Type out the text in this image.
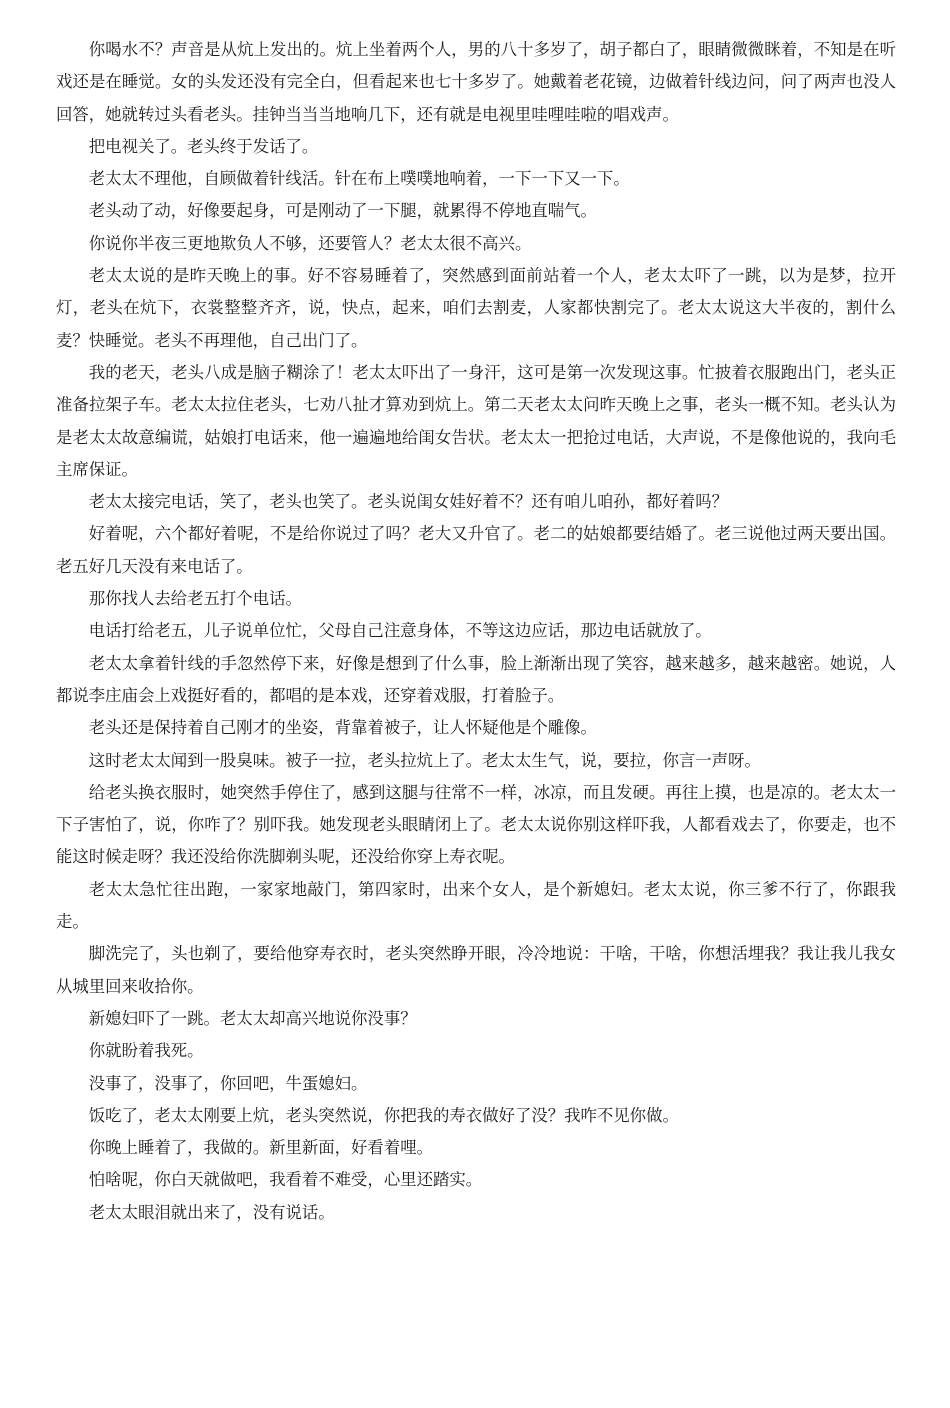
你喝水不？声音是从炕上发出的。炕上坐着两个人，男的八十多岁了，胡子都白了，眼睛微微眯着，不知是在听戏还是在睡觉。女的头发还没有完全白，但看起来也七十多岁了。她戴着老花镜，边做着针线边问，问了两声也没人回答，她就转过头看老头。挂钟当当当地响几下，还有就是电视里哇哩哇啦的唱戏声。

把电视关了。老头终于发话了。

老太太不理他，自顾做着针线活。针在布上噗噗地响着，一下一下又一下。

老头动了动，好像要起身，可是刚动了一下腿，就累得不停地直喘气。

你说你半夜三更地欺负人不够，还要管人？老太太很不高兴。

老太太说的是昨天晚上的事。好不容易睡着了，突然感到面前站着一个人，老太太吓了一跳，以为是梦，拉开灯，老头在炕下，衣裳整整齐齐，说，快点，起来，咱们去割麦，人家都快割完了。老太太说这大半夜的，割什么麦？快睡觉。老头不再理他，自己出门了。

我的老天，老头八成是脑子糊涂了！老太太吓出了一身汗，这可是第一次发现这事。忙披着衣服跑出门，老头正准备拉架子车。老太太拉住老头，七劝八扯才算劝到炕上。第二天老太太问昨天晚上之事，老头一概不知。老头认为是老太太故意编谎，姑娘打电话来，他一遍遍地给闺女告状。老太太一把抢过电话，大声说，不是像他说的，我向毛主席保证。

老太太接完电话，笑了，老头也笑了。老头说闺女娃好着不？还有咱儿咱孙，都好着吗？

好着呢，六个都好着呢，不是给你说过了吗？老大又升官了。老二的姑娘都要结婚了。老三说他过两天要出国。老五好几天没有来电话了。

那你找人去给老五打个电话。

电话打给老五，儿子说单位忙，父母自己注意身体，不等这边应话，那边电话就放了。

老太太拿着针线的手忽然停下来，好像是想到了什么事，脸上渐渐出现了笑容，越来越多，越来越密。她说，人都说李庄庙会上戏挺好看的，都唱的是本戏，还穿着戏服，打着脸子。

老头还是保持着自己刚才的坐姿，背靠着被子，让人怀疑他是个雕像。

这时老太太闻到一股臭味。被子一拉，老头拉炕上了。老太太生气，说，要拉，你言一声呀。

给老头换衣服时，她突然手停住了，感到这腿与往常不一样，冰凉，而且发硬。再往上摸，也是凉的。老太太一下子害怕了，说，你咋了？别吓我。她发现老头眼睛闭上了。老太太说你别这样吓我，人都看戏去了，你要走，也不能这时候走呀？我还没给你洗脚剃头呢，还没给你穿上寿衣呢。

老太太急忙往出跑，一家家地敲门，第四家时，出来个女人，是个新媳妇。老太太说，你三爹不行了，你跟我走。

脚洗完了，头也剃了，要给他穿寿衣时，老头突然睁开眼，冷冷地说：干啥，干啥，你想活埋我？我让我儿我女从城里回来收拾你。

新媳妇吓了一跳。老太太却高兴地说你没事？

你就盼着我死。

没事了，没事了，你回吧，牛蛋媳妇。

饭吃了，老太太刚要上炕，老头突然说，你把我的寿衣做好了没？我咋不见你做。

你晚上睡着了，我做的。新里新面，好看着哩。

怕啥呢，你白天就做吧，我看着不难受，心里还踏实。

老太太眼泪就出来了，没有说话。
